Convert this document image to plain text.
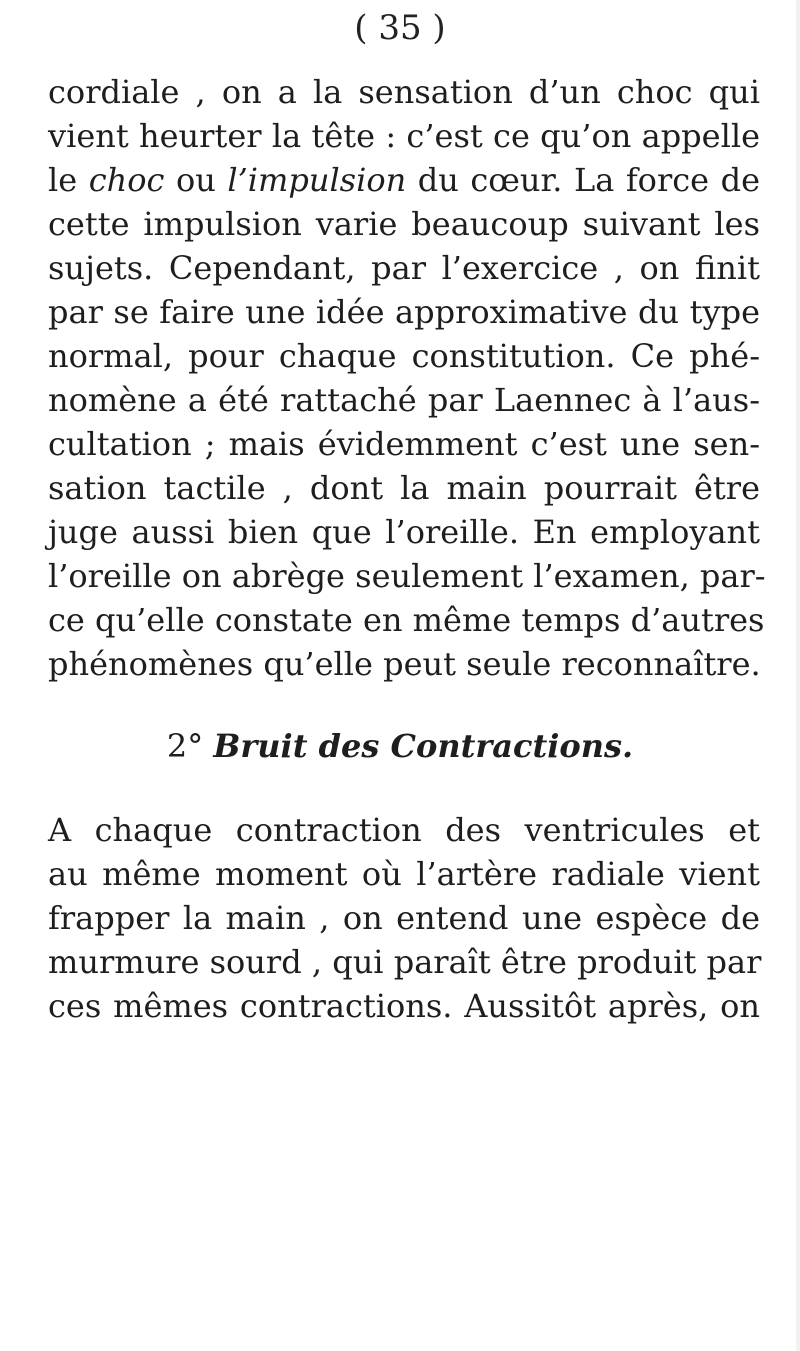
( 35 )
cordiale , on a la sensation d’un choc qui
vient heurter la tête : c’est ce qu’on appelle
le choc ou l’impulsion du cœur. La force de
cette impulsion varie beaucoup suivant les
sujets. Cependant, par l’exercice , on finit
par se faire une idée approximative du type
normal, pour chaque constitution. Ce phé-
nomène a été rattaché par Laennec à l’aus-
cultation ; mais évidemment c’est une sen-
sation tactile , dont la main pourrait être
juge aussi bien que l’oreille. En employant
l’oreille on abrège seulement l’examen, par-
ce qu’elle constate en même temps d’autres
phénomènes qu’elle peut seule reconnaître.
2° Bruit des Contractions.
A chaque contraction des ventricules et
au même moment où l’artère radiale vient
frapper la main , on entend une espèce de
murmure sourd , qui paraît être produit par
ces mêmes contractions. Aussitôt après, on
